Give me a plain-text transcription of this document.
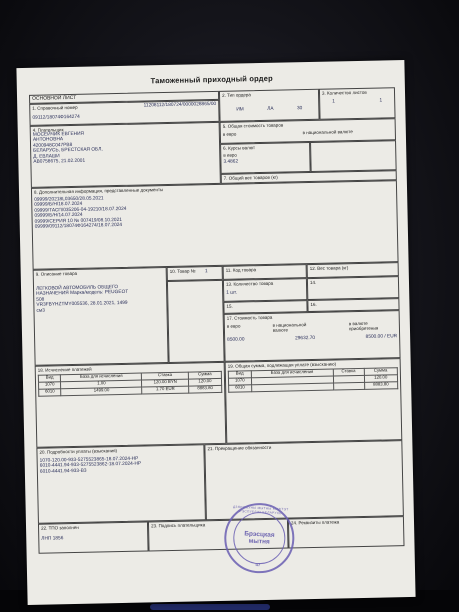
Таможенный приходный ордер
ОСНОВНОЙ ЛИСТ
1. Справочный номер	11208112/180724/0000028865/00
09112/18074Ф164274
2. Тип ордера
ИМ	ЛА	30
3. Количество листов
1	1
4. Плательщик
МОСЕЙЧИК ЕВГЕНИЯ
АНТОНОВНА
4200948С047РВ8
БЕЛАРУСЬ, БРЕСТСКАЯ ОБЛ,
Д. ЕВЛАШИ
АВ0758675, 21.02.2001
5. Общая стоимость товаров
в евро	в национальной валюте
6. Курсы валют
в евро
3.4862
7. Общий вес товаров (кг)
8. Дополнительная информация, представленные документы
09999/20218L03650/28.05.2021
09999/Б/Н/18.07.2024
09999/ТАСП/035206-04-19210/18.07.2024
09999/Б/Н/14.07.2024
09999/СЕРИЯ 10 № 007419/08.10.2021
09999/09112/18074Ф164274/18.07.2024
9. Описание товара
ЛЕГКОВОЙ АВТОМОБИЛЬ ОБЩЕГО
НАЗНАЧЕНИЯ Марка/модель: PEUGEOT
508
VR3FBYHZTMY005536, 28.01.2021, 1499
см3
10. Товар № 1	11. Код товара	12. Вес товара (кг)
13. Количество товара
1 шт.
14.
15.	16.
17. Стоимость товара
в евро	в национальной валюте
в валюте приобретения
8500.00	29632.70	8500.00 / EUR
18. Исчисление платежей
Вид	База для исчисления	Ставка	Сумма
1070	1.00	120.00 BYN	120.00
6010	1499.00	1.70 EUR	8883.80
19. Общая сумма, подлежащая уплате (взысканию)
Вид	База для исчисления	Ставка	Сумма
1070			120.00
6010			8883.80
20. Подробности уплаты (взыскания)
1070-120.00-933-5275523865-18.07.2024-НР
6010-4441.94-933-5275523862-18.07.2024-НР
6010-4441.94-933-В3
21. Прекращение обязанности
22. ТПО заполнен
ЛНП 1856
23. Подпись плательщика	24. Реквизиты платежа
ДЗЯРЖАЎНЫ МЫТНЫ КАМІТЭТ РЭСПУБЛІКІ БЕЛАРУСЬ
Брэсцкая
мытня
47
